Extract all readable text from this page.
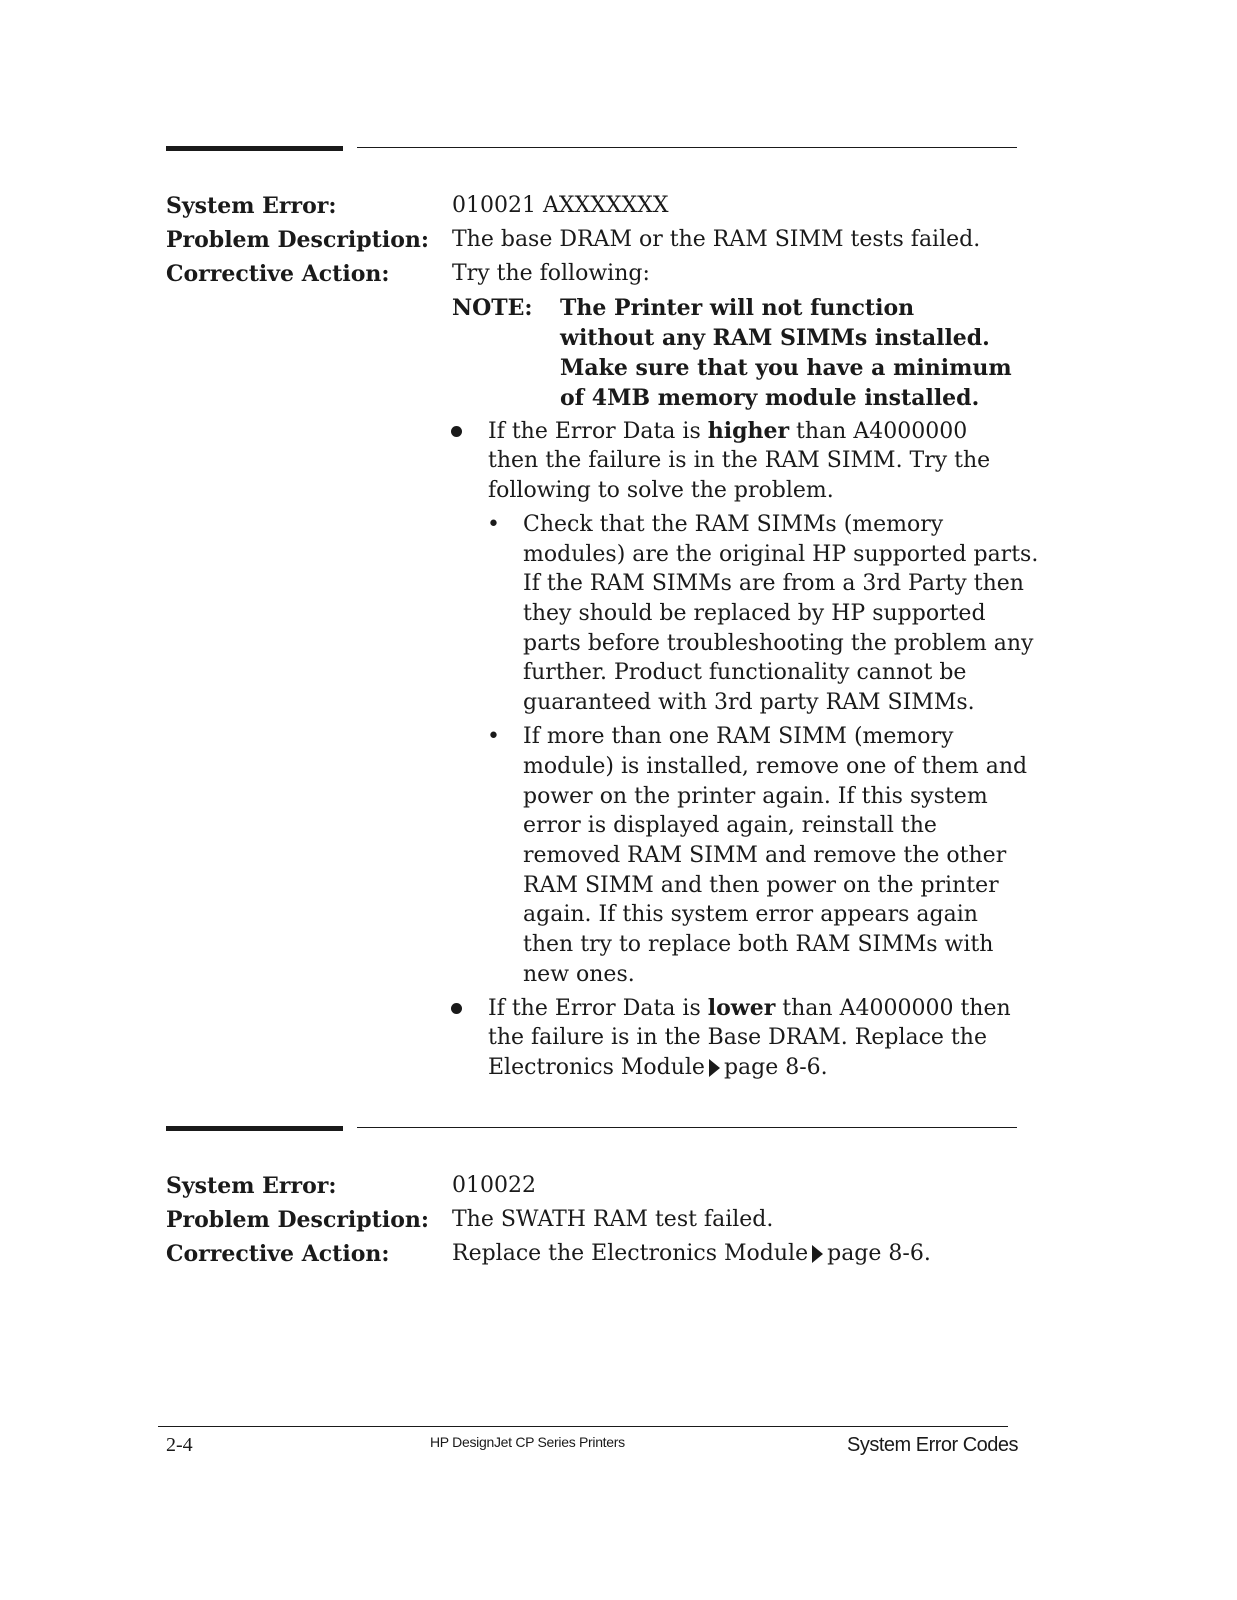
System Error:	010021 AXXXXXXX
Problem Description: The base DRAM or the RAM SIMM tests failed.
Corrective Action:	Try the following:
NOTE: The Printer will not function
without any RAM SIMMs installed.
Make sure that you have a minimum
of 4MB memory module installed.
If the Error Data is higher than A4000000
then the failure is in the RAM SIMM. Try the
following to solve the problem.
• Check that the RAM SIMMs (memory
modules) are the original HP supported parts.
If the RAM SIMMs are from a 3rd Party then
they should be replaced by HP supported
parts before troubleshooting the problem any
further. Product functionality cannot be
guaranteed with 3rd party RAM SIMMs.
• If more than one RAM SIMM (memory
module) is installed, remove one of them and
power on the printer again. If this system
error is displayed again, reinstall the
removed RAM SIMM and remove the other
RAM SIMM and then power on the printer
again. If this system error appears again
then try to replace both RAM SIMMs with
new ones.
If the Error Data is lower than A4000000 then
the failure is in the Base DRAM. Replace the
Electronics Module page 8-6.
System Error:	010022
Problem Description: The SWATH RAM test failed.
Corrective Action:	Replace the Electronics Module page 8-6.
2-4	HP DesignJet CP Series Printers	System Error Codes
